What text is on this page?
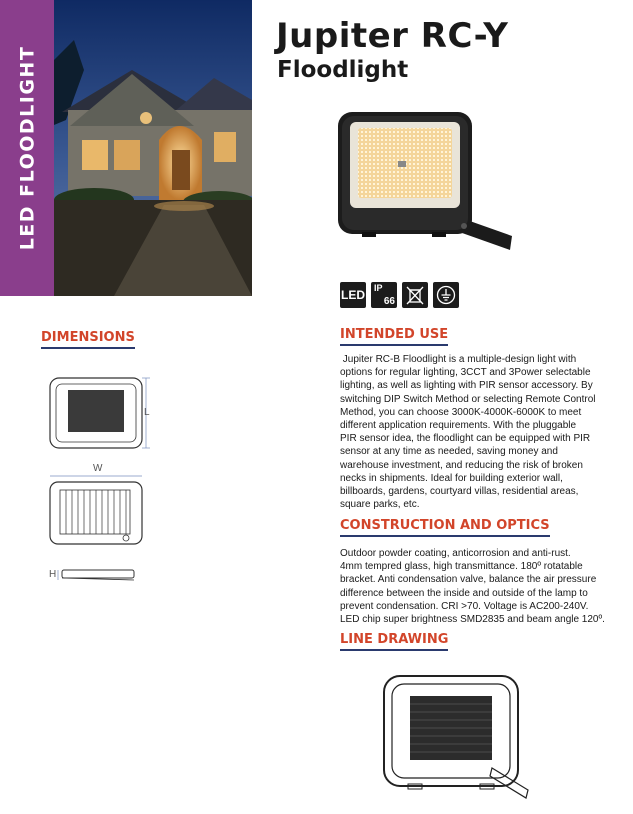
LED FLOODLIGHT
Jupiter RC-Y
Floodlight
LED IP
66
DIMENSIONS
L
W
H
INTENDED USE
Jupiter RC-B Floodlight is a multiple-design light with
options for regular lighting, 3CCT and 3Power selectable
lighting, as well as lighting with PIR sensor accessory. By
switching DIP Switch Method or selecting Remote Control
Method, you can choose 3000K-4000K-6000K to meet
different application requirements. With the pluggable
PIR sensor idea, the floodlight can be equipped with PIR
sensor at any time as needed, saving money and
warehouse investment, and reducing the risk of broken
necks in shipments. Ideal for building exterior wall,
billboards, gardens, courtyard villas, residential areas,
square parks, etc.
CONSTRUCTION AND OPTICS
Outdoor powder coating, anticorrosion and anti-rust.
4mm tempred glass, high transmittance. 180º rotatable
bracket. Anti condensation valve, balance the air pressure
difference between the inside and outside of the lamp to
prevent condensation. CRI >70. Voltage is AC200-240V.
LED chip super brightness SMD2835 and beam angle 120º.
LINE DRAWING
